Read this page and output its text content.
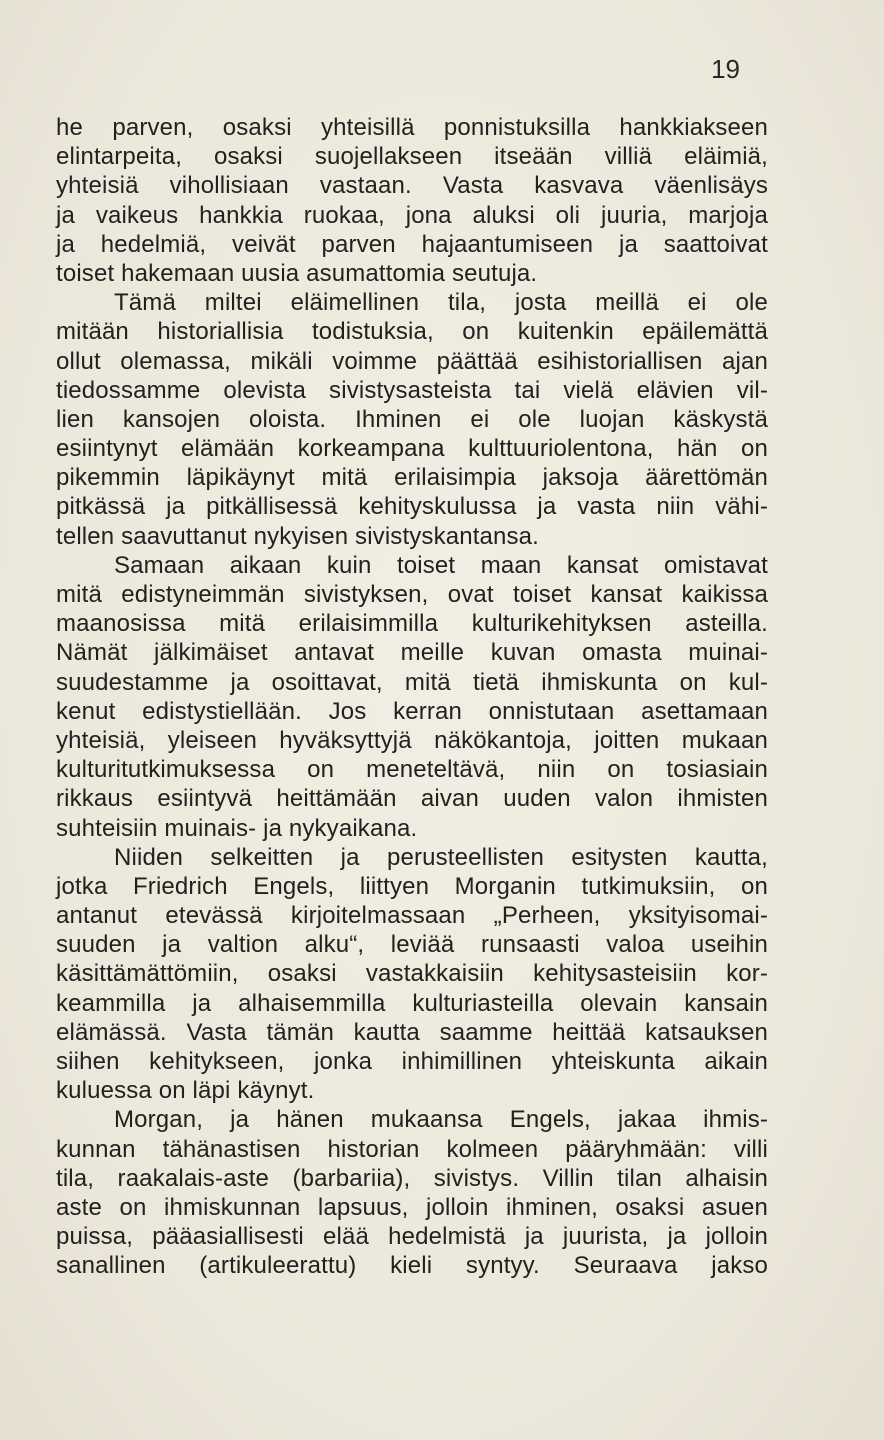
19
he parven, osaksi yhteisillä ponnistuksilla hankkiakseen
elintarpeita, osaksi suojellakseen itseään villiä eläimiä,
yhteisiä vihollisiaan vastaan. Vasta kasvava väenlisäys
ja vaikeus hankkia ruokaa, jona aluksi oli juuria, marjoja
ja hedelmiä, veivät parven hajaantumiseen ja saattoivat
toiset hakemaan uusia asumattomia seutuja.
Tämä miltei eläimellinen tila, josta meillä ei ole
mitään historiallisia todistuksia, on kuitenkin epäilemättä
ollut olemassa, mikäli voimme päättää esihistoriallisen ajan
tiedossamme olevista sivistysasteista tai vielä elävien vil-
lien kansojen oloista. Ihminen ei ole luojan käskystä
esiintynyt elämään korkeampana kulttuuriolentona, hän on
pikemmin läpikäynyt mitä erilaisimpia jaksoja äärettömän
pitkässä ja pitkällisessä kehityskulussa ja vasta niin vähi-
tellen saavuttanut nykyisen sivistyskantansa.
Samaan aikaan kuin toiset maan kansat omistavat
mitä edistyneimmän sivistyksen, ovat toiset kansat kaikissa
maanosissa mitä erilaisimmilla kulturikehityksen asteilla.
Nämät jälkimäiset antavat meille kuvan omasta muinai-
suudestamme ja osoittavat, mitä tietä ihmiskunta on kul-
kenut edistystiellään. Jos kerran onnistutaan asettamaan
yhteisiä, yleiseen hyväksyttyjä näkökantoja, joitten mukaan
kulturitutkimuksessa on meneteltävä, niin on tosiasiain
rikkaus esiintyvä heittämään aivan uuden valon ihmisten
suhteisiin muinais- ja nykyaikana.
Niiden selkeitten ja perusteellisten esitysten kautta,
jotka Friedrich Engels, liittyen Morganin tutkimuksiin, on
antanut etevässä kirjoitelmassaan „Perheen, yksityisomai-
suuden ja valtion alku“, leviää runsaasti valoa useihin
käsittämättömiin, osaksi vastakkaisiin kehitysasteisiin kor-
keammilla ja alhaisemmilla kulturiasteilla olevain kansain
elämässä. Vasta tämän kautta saamme heittää katsauksen
siihen kehitykseen, jonka inhimillinen yhteiskunta aikain
kuluessa on läpi käynyt.
Morgan, ja hänen mukaansa Engels, jakaa ihmis-
kunnan tähänastisen historian kolmeen pääryhmään: villi
tila, raakalais-aste (barbariia), sivistys. Villin tilan alhaisin
aste on ihmiskunnan lapsuus, jolloin ihminen, osaksi asuen
puissa, pääasiallisesti elää hedelmistä ja juurista, ja jolloin
sanallinen (artikuleerattu) kieli syntyy. Seuraava jakso
